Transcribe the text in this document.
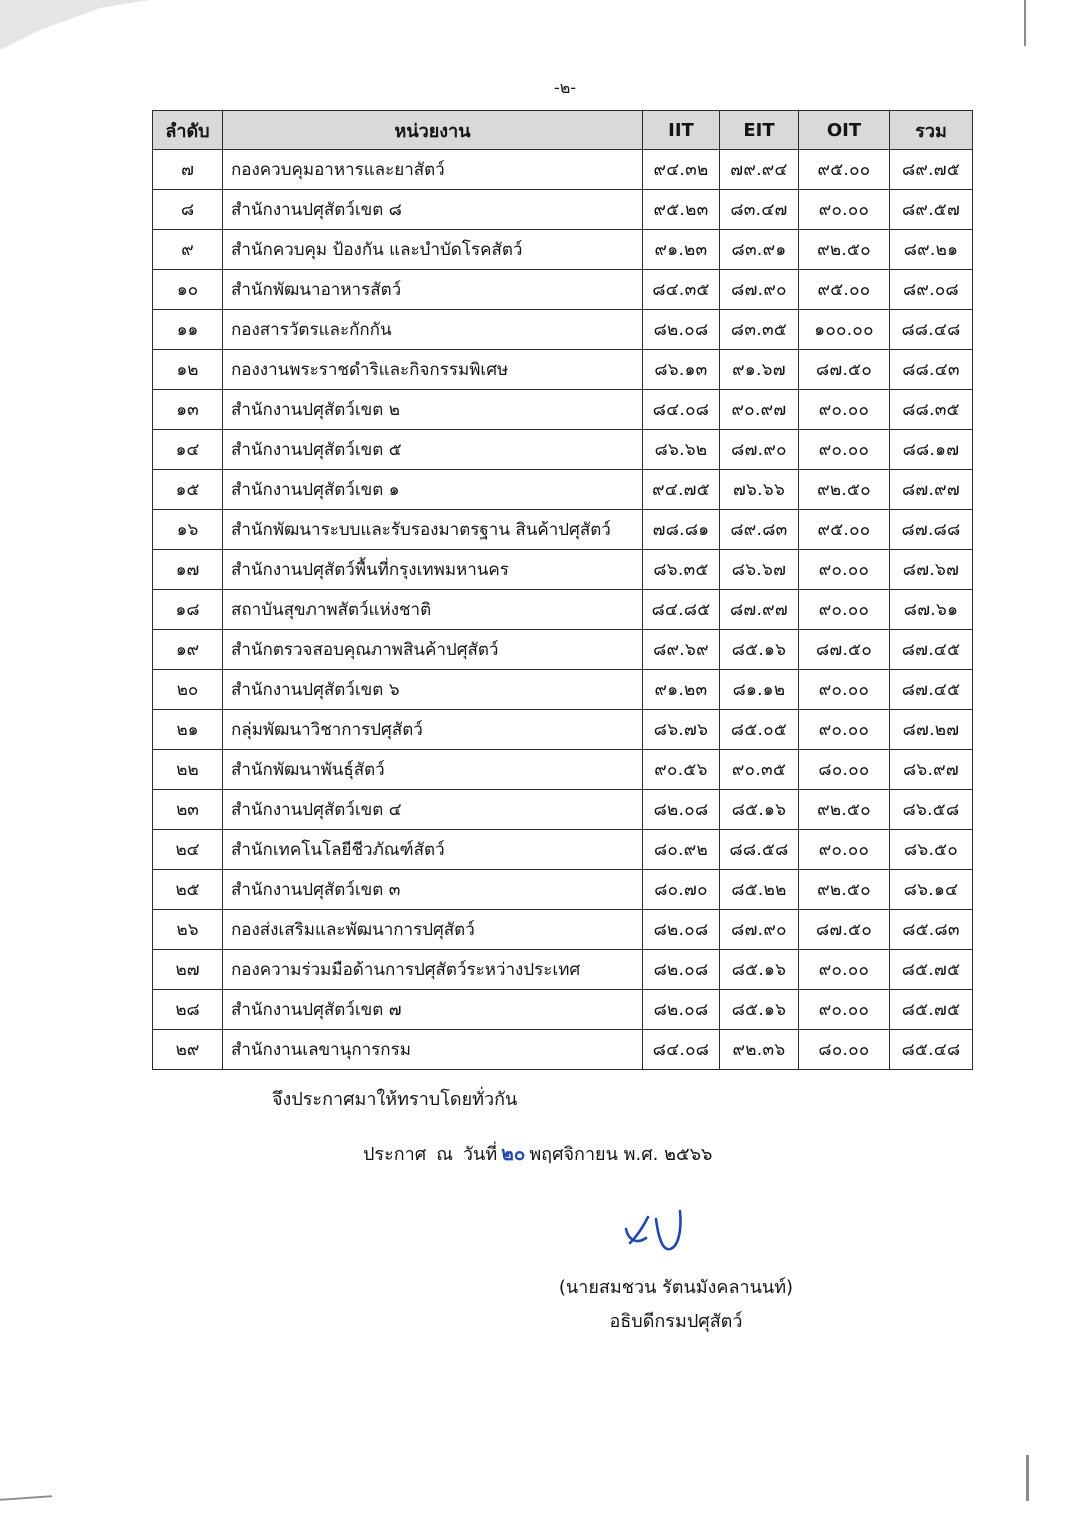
-๒-
ลำดับ	หน่วยงาน	IIT	EIT	OIT	รวม
๗	กองควบคุมอาหารและยาสัตว์	๙๔.๓๒	๗๙.๙๔	๙๕.๐๐	๘๙.๗๕
๘	สำนักงานปศุสัตว์เขต ๘	๙๕.๒๓	๘๓.๔๗	๙๐.๐๐	๘๙.๕๗
๙	สำนักควบคุม ป้องกัน และบำบัดโรคสัตว์	๙๑.๒๓	๘๓.๙๑	๙๒.๕๐	๘๙.๒๑
๑๐	สำนักพัฒนาอาหารสัตว์	๘๔.๓๕	๘๗.๙๐	๙๕.๐๐	๘๙.๐๘
๑๑	กองสารวัตรและกักกัน	๘๒.๐๘	๘๓.๓๕	๑๐๐.๐๐	๘๘.๔๘
๑๒	กองงานพระราชดำริและกิจกรรมพิเศษ	๘๖.๑๓	๙๑.๖๗	๘๗.๕๐	๘๘.๔๓
๑๓	สำนักงานปศุสัตว์เขต ๒	๘๔.๐๘	๙๐.๙๗	๙๐.๐๐	๘๘.๓๕
๑๔	สำนักงานปศุสัตว์เขต ๕	๘๖.๖๒	๘๗.๙๐	๙๐.๐๐	๘๘.๑๗
๑๕	สำนักงานปศุสัตว์เขต ๑	๙๔.๗๕	๗๖.๖๖	๙๒.๕๐	๘๗.๙๗
๑๖	สำนักพัฒนาระบบและรับรองมาตรฐาน สินค้าปศุสัตว์	๗๘.๘๑	๘๙.๘๓	๙๕.๐๐	๘๗.๘๘
๑๗	สำนักงานปศุสัตว์พื้นที่กรุงเทพมหานคร	๘๖.๓๕	๘๖.๖๗	๙๐.๐๐	๘๗.๖๗
๑๘	สถาบันสุขภาพสัตว์แห่งชาติ	๘๔.๘๕	๘๗.๙๗	๙๐.๐๐	๘๗.๖๑
๑๙	สำนักตรวจสอบคุณภาพสินค้าปศุสัตว์	๘๙.๖๙	๘๕.๑๖	๘๗.๕๐	๘๗.๔๕
๒๐	สำนักงานปศุสัตว์เขต ๖	๙๑.๒๓	๘๑.๑๒	๙๐.๐๐	๘๗.๔๕
๒๑	กลุ่มพัฒนาวิชาการปศุสัตว์	๘๖.๗๖	๘๕.๐๕	๙๐.๐๐	๘๗.๒๗
๒๒	สำนักพัฒนาพันธุ์สัตว์	๙๐.๕๖	๙๐.๓๕	๘๐.๐๐	๘๖.๙๗
๒๓	สำนักงานปศุสัตว์เขต ๔	๘๒.๐๘	๘๕.๑๖	๙๒.๕๐	๘๖.๕๘
๒๔	สำนักเทคโนโลยีชีวภัณฑ์สัตว์	๘๐.๙๒	๘๘.๕๘	๙๐.๐๐	๘๖.๕๐
๒๕	สำนักงานปศุสัตว์เขต ๓	๘๐.๗๐	๘๕.๒๒	๙๒.๕๐	๘๖.๑๔
๒๖	กองส่งเสริมและพัฒนาการปศุสัตว์	๘๒.๐๘	๘๗.๙๐	๘๗.๕๐	๘๕.๘๓
๒๗	กองความร่วมมือด้านการปศุสัตว์ระหว่างประเทศ	๘๒.๐๘	๘๕.๑๖	๙๐.๐๐	๘๕.๗๕
๒๘	สำนักงานปศุสัตว์เขต ๗	๘๒.๐๘	๘๕.๑๖	๙๐.๐๐	๘๕.๗๕
๒๙	สำนักงานเลขานุการกรม	๘๔.๐๘	๙๒.๓๖	๘๐.๐๐	๘๕.๔๘
จึงประกาศมาให้ทราบโดยทั่วกัน
ประกาศ ณ วันที่ ๒๐ พฤศจิกายน พ.ศ. ๒๕๖๖
(นายสมชวน รัตนมังคลานนท์)
อธิบดีกรมปศุสัตว์
